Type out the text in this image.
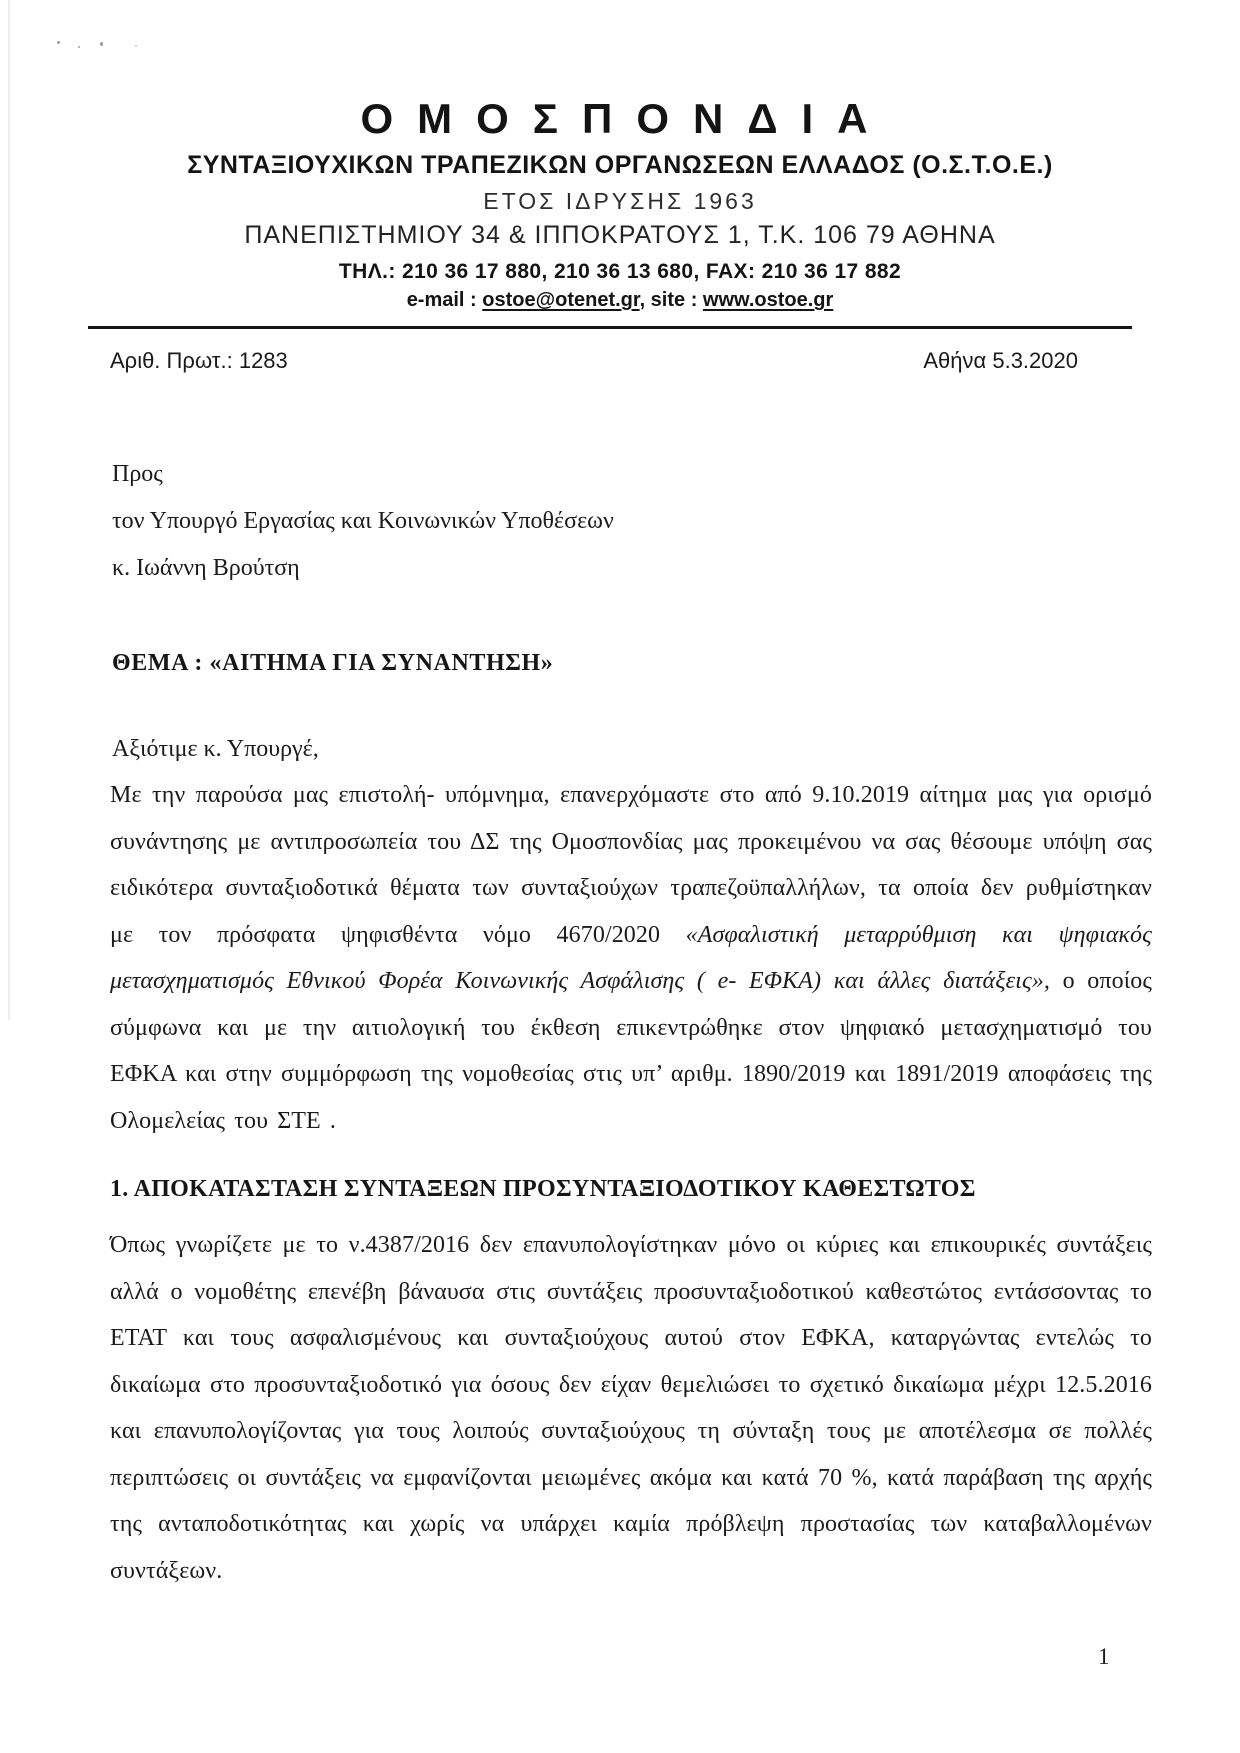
ΟΜΟΣΠΟΝΔΙΑ

ΣΥΝΤΑΞΙΟΥΧΙΚΩΝ ΤΡΑΠΕΖΙΚΩΝ ΟΡΓΑΝΩΣΕΩΝ ΕΛΛΑΔΟΣ (Ο.Σ.Τ.Ο.Ε.)

ΕΤΟΣ ΙΔΡΥΣΗΣ 1963

ΠΑΝΕΠΙΣΤΗΜΙΟΥ 34 & ΙΠΠΟΚΡΑΤΟΥΣ 1, Τ.Κ. 106 79 ΑΘΗΝΑ

ΤΗΛ.: 210 36 17 880, 210 36 13 680, FAX: 210 36 17 882

e-mail : ostoe@otenet.gr, site : www.ostoe.gr

Αριθ. Πρωτ.: 1283	Αθήνα 5.3.2020

Προς

τον Υπουργό Εργασίας και Κοινωνικών Υποθέσεων

κ. Ιωάννη Βρούτση

ΘΕΜΑ : «ΑΙΤΗΜΑ ΓΙΑ ΣΥΝΑΝΤΗΣΗ»

Αξιότιμε κ. Υπουργέ,

Με την παρούσα μας επιστολή- υπόμνημα, επανερχόμαστε στο από 9.10.2019 αίτημα μας για ορισμό συνάντησης με αντιπροσωπεία του ΔΣ της Ομοσπονδίας μας προκειμένου να σας θέσουμε υπόψη σας ειδικότερα συνταξιοδοτικά θέματα των συνταξιούχων τραπεζοϋπαλλήλων, τα οποία δεν ρυθμίστηκαν με τον πρόσφατα ψηφισθέντα νόμο 4670/2020 «Ασφαλιστική μεταρρύθμιση και ψηφιακός μετασχηματισμός Εθνικού Φορέα Κοινωνικής Ασφάλισης ( e- ΕΦΚΑ) και άλλες διατάξεις», ο οποίος σύμφωνα και με την αιτιολογική του έκθεση επικεντρώθηκε στον ψηφιακό μετασχηματισμό του ΕΦΚΑ και στην συμμόρφωση της νομοθεσίας στις υπ’ αριθμ. 1890/2019 και 1891/2019 αποφάσεις της Ολομελείας του ΣΤΕ .

1. ΑΠΟΚΑΤΑΣΤΑΣΗ ΣΥΝΤΑΞΕΩΝ ΠΡΟΣΥΝΤΑΞΙΟΔΟΤΙΚΟΥ ΚΑΘΕΣΤΩΤΟΣ

Όπως γνωρίζετε με το ν.4387/2016 δεν επανυπολογίστηκαν μόνο οι κύριες και επικουρικές συντάξεις αλλά ο νομοθέτης επενέβη βάναυσα στις συντάξεις προσυνταξιοδοτικού καθεστώτος εντάσσοντας το ΕΤΑΤ και τους ασφαλισμένους και συνταξιούχους αυτού στον ΕΦΚΑ, καταργώντας εντελώς το δικαίωμα στο προσυνταξιοδοτικό για όσους δεν είχαν θεμελιώσει το σχετικό δικαίωμα μέχρι 12.5.2016 και επανυπολογίζοντας για τους λοιπούς συνταξιούχους τη σύνταξη τους με αποτέλεσμα σε πολλές περιπτώσεις οι συντάξεις να εμφανίζονται μειωμένες ακόμα και κατά 70 %, κατά παράβαση της αρχής της ανταποδοτικότητας και χωρίς να υπάρχει καμία πρόβλεψη προστασίας των καταβαλλομένων συντάξεων.

1
